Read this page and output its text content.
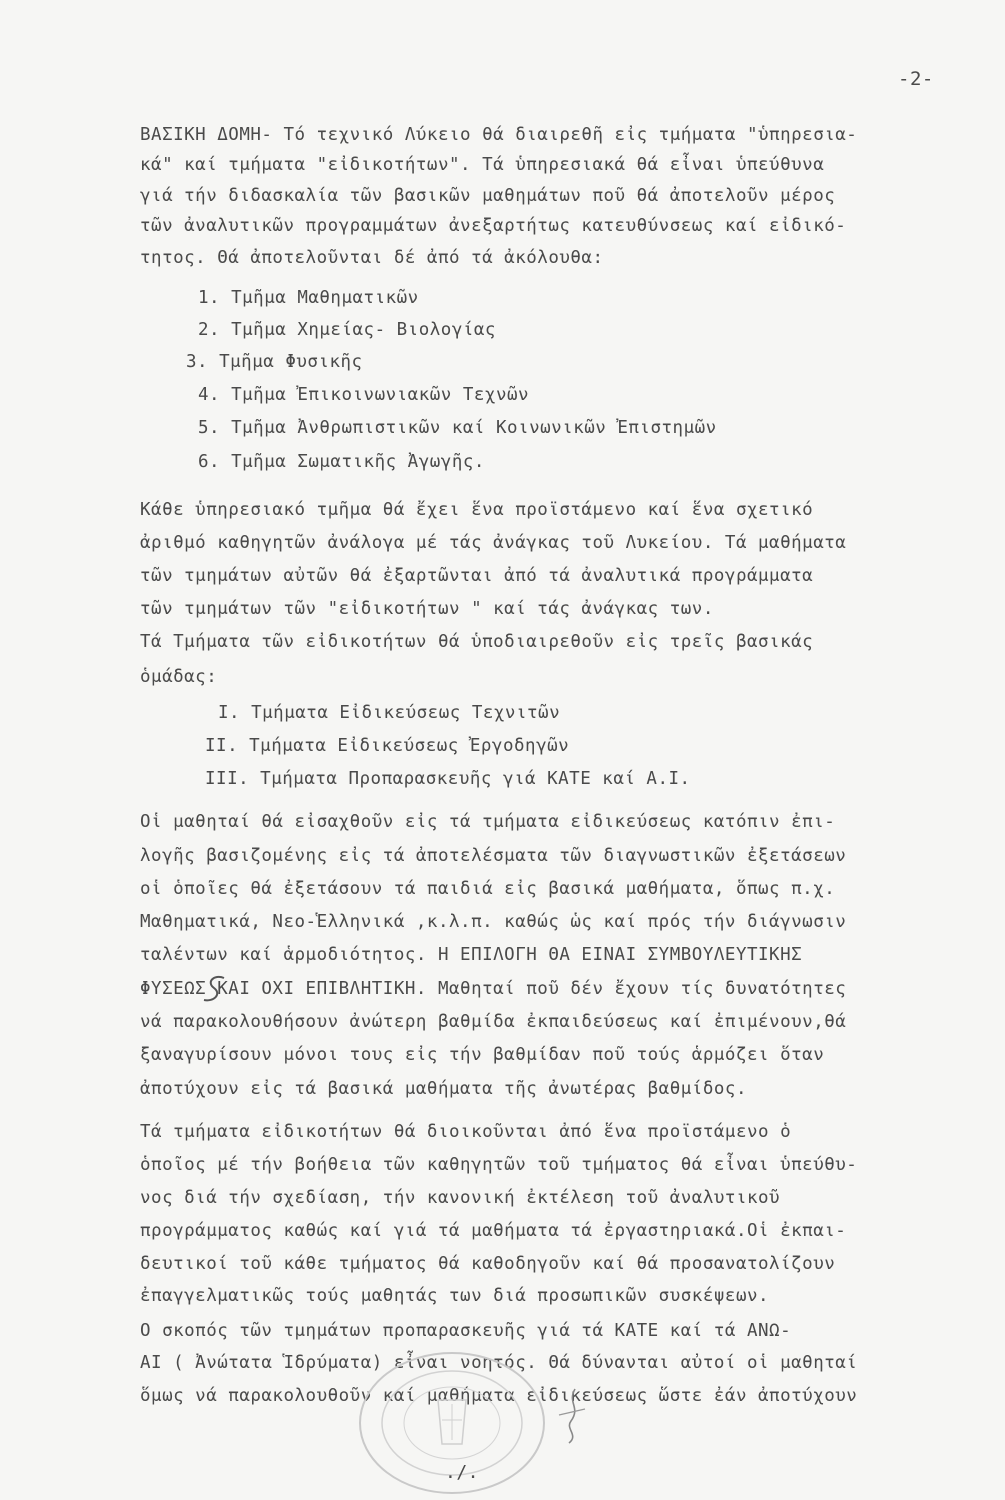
-2-
ΒΑΣΙΚΗ ΔΟΜΗ- Τό τεχνικό Λύκειο θά διαιρεθῆ εἰς τμήματα "ὑπηρεσια-
κά" καί τμήματα "εἰδικοτήτων". Τά ὑπηρεσιακά θά εἶναι ὑπεύθυνα
γιά τήν διδασκαλία τῶν βασικῶν μαθημάτων ποῦ θά ἀποτελοῦν μέρος
τῶν ἀναλυτικῶν προγραμμάτων ἀνεξαρτήτως κατευθύνσεως καί εἰδικό-
τητος. Θά ἀποτελοῦνται δέ ἀπό τά ἀκόλουθα:
1. Τμῆμα Μαθηματικῶν
2. Τμῆμα Χημείας- Βιολογίας
3. Τμῆμα Φυσικῆς
4. Τμῆμα Ἐπικοινωνιακῶν Τεχνῶν
5. Τμῆμα Ἀνθρωπιστικῶν καί Κοινωνικῶν Ἐπιστημῶν
6. Τμῆμα Σωματικῆς Ἀγωγῆς.
Κάθε ὑπηρεσιακό τμῆμα θά ἔχει ἕνα προϊστάμενο καί ἕνα σχετικό
ἀριθμό καθηγητῶν ἀνάλογα μέ τάς ἀνάγκας τοῦ Λυκείου. Τά μαθήματα
τῶν τμημάτων αὐτῶν θά ἐξαρτῶνται ἀπό τά ἀναλυτικά προγράμματα
τῶν τμημάτων τῶν "εἰδικοτήτων " καί τάς ἀνάγκας των.
Τά Τμήματα τῶν εἰδικοτήτων θά ὑποδιαιρεθοῦν εἰς τρεῖς βασικάς
ὁμάδας:
I. Τμήματα Εἰδικεύσεως Τεχνιτῶν
II. Τμήματα Εἰδικεύσεως Ἐργοδηγῶν
III. Τμήματα Προπαρασκευῆς γιά ΚΑΤΕ καί Α.Ι.
Οἱ μαθηταί θά εἰσαχθοῦν εἰς τά τμήματα εἰδικεύσεως κατόπιν ἐπι-
λογῆς βασιζομένης εἰς τά ἀποτελέσματα τῶν διαγνωστικῶν ἐξετάσεων
οἱ ὁποῖες θά ἐξετάσουν τά παιδιά εἰς βασικά μαθήματα, ὅπως π.χ.
Μαθηματικά, Νεο-Ἑλληνικά ,κ.λ.π. καθώς ὡς καί πρός τήν διάγνωσιν
ταλέντων καί ἁρμοδιότητος. Η ΕΠΙΛΟΓΗ ΘΑ ΕΙΝΑΙ ΣΥΜΒΟΥΛΕΥΤΙΚΗΣ
ΦΥΣΕΩΣ ΚΑΙ ΟΧΙ ΕΠΙΒΛΗΤΙΚΗ. Μαθηταί ποῦ δέν ἔχουν τίς δυνατότητες
νά παρακολουθήσουν ἀνώτερη βαθμίδα ἐκπαιδεύσεως καί ἐπιμένουν,θά
ξαναγυρίσουν μόνοι τους εἰς τήν βαθμίδαν ποῦ τούς ἁρμόζει ὅταν
ἀποτύχουν εἰς τά βασικά μαθήματα τῆς ἀνωτέρας βαθμίδος.
Τά τμήματα εἰδικοτήτων θά διοικοῦνται ἀπό ἕνα προϊστάμενο ὁ
ὁποῖος μέ τήν βοήθεια τῶν καθηγητῶν τοῦ τμήματος θά εἶναι ὑπεύθυ-
νος διά τήν σχεδίαση, τήν κανονική ἐκτέλεση τοῦ ἀναλυτικοῦ
προγράμματος καθώς καί γιά τά μαθήματα τά ἐργαστηριακά.Οἱ ἐκπαι-
δευτικοί τοῦ κάθε τμήματος θά καθοδηγοῦν καί θά προσανατολίζουν
ἐπαγγελματικῶς τούς μαθητάς των διά προσωπικῶν συσκέψεων.
Ο σκοπός τῶν τμημάτων προπαρασκευῆς γιά τά ΚΑΤΕ καί τά ΑΝΩ-
ΑΙ ( Ἀνώτατα Ἱδρύματα) εἶναι νοητός. Θά δύνανται αὐτοί οἱ μαθηταί
ὅμως νά παρακολουθοῦν καί μαθήματα εἰδικεύσεως ὥστε ἐάν ἀποτύχουν
./.
